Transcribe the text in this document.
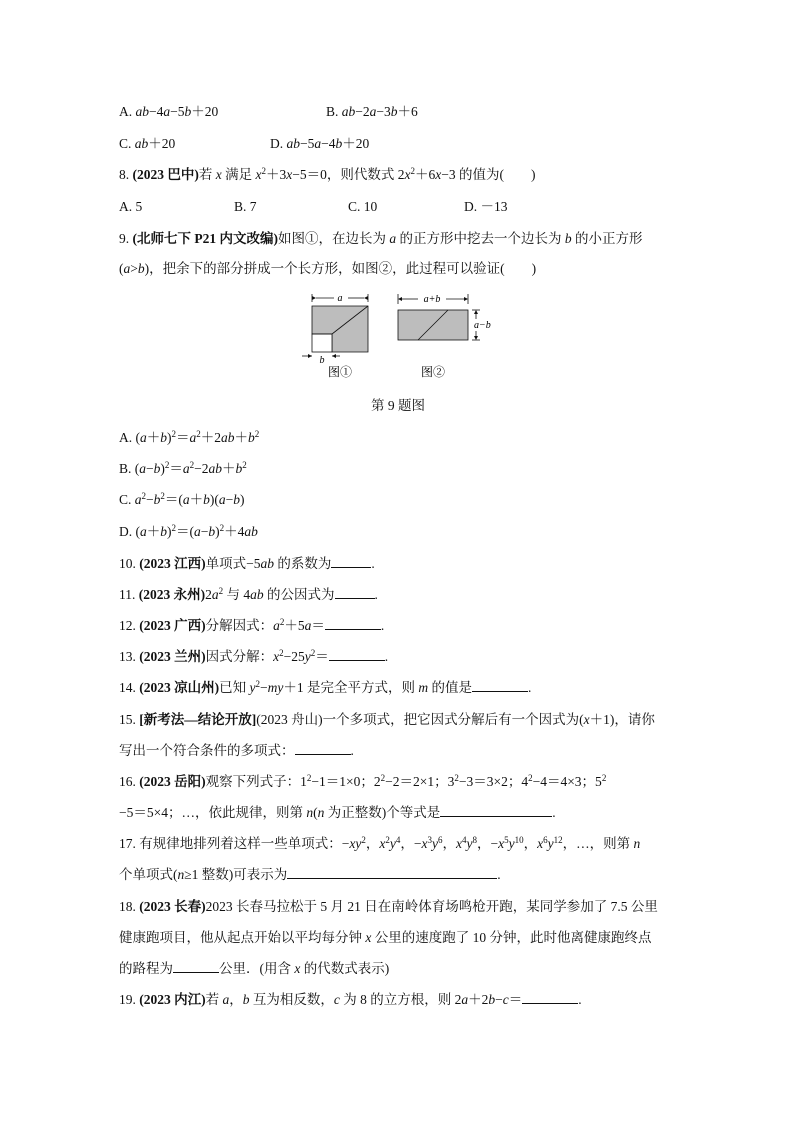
A. ab−4a−5b＋20	B. ab−2a−3b＋6
C. ab＋20	D. ab−5a−4b＋20
8. (2023 巴中)若 x 满足 $x^2+3x-5=0$，则代数式 $2x^2+6x-3$ 的值为(　　)
A. 5	B. 7	C. 10	D. －13
9. (北师七下 P21 内文改编)如图①，在边长为 a 的正方形中挖去一个边长为 b 的小正方形
(a>b)，把余下的部分拼成一个长方形，如图②，此过程可以验证(　　)
a
b
图①
a+b
a−b
图②
第 9 题图
A. $(a+b)^2=a^2+2ab+b^2$
B. $(a-b)^2=a^2-2ab+b^2$
C. $a^2-b^2=(a+b)(a-b)$
D. $(a+b)^2=(a-b)^2+4ab$
10. (2023 江西)单项式−5ab 的系数为	.
11. (2023 永州)$2a^2$ 与 4ab 的公因式为	.
12. (2023 广西)分解因式：$a^2+5a=$	.
13. (2023 兰州)因式分解：$x^2-25y^2=$	.
14. (2023 凉山州)已知 $y^2-my+1$ 是完全平方式，则 m 的值是	.
15. [新考法—结论开放](2023 舟山)一个多项式，把它因式分解后有一个因式为(x＋1)，请你
写出一个符合条件的多项式：	.
16. (2023 岳阳)观察下列式子：$1^2-1=1\times 0$；$2^2-2=2\times 1$；$3^2-3=3\times 2$；$4^2-4=4\times 3$；$5^2$
−5＝5×4；…，依此规律，则第 n(n 为正整数)个等式是	.
17. 有规律地排列着这样一些单项式：$-xy^2$，$x^2y^4$，$-x^3y^6$，$x^4y^8$，$-x^5y^{10}$，$x^6y^{12}$，…，则第 n
个单项式(n≥1 整数)可表示为	.
18. (2023 长春)2023 长春马拉松于 5 月 21 日在南岭体育场鸣枪开跑，某同学参加了 7.5 公里
健康跑项目，他从起点开始以平均每分钟 x 公里的速度跑了 10 分钟，此时他离健康跑终点
的路程为	公里．(用含 x 的代数式表示)
19. (2023 内江)若 a，b 互为相反数，c 为 8 的立方根，则 2a＋2b−c＝	.
